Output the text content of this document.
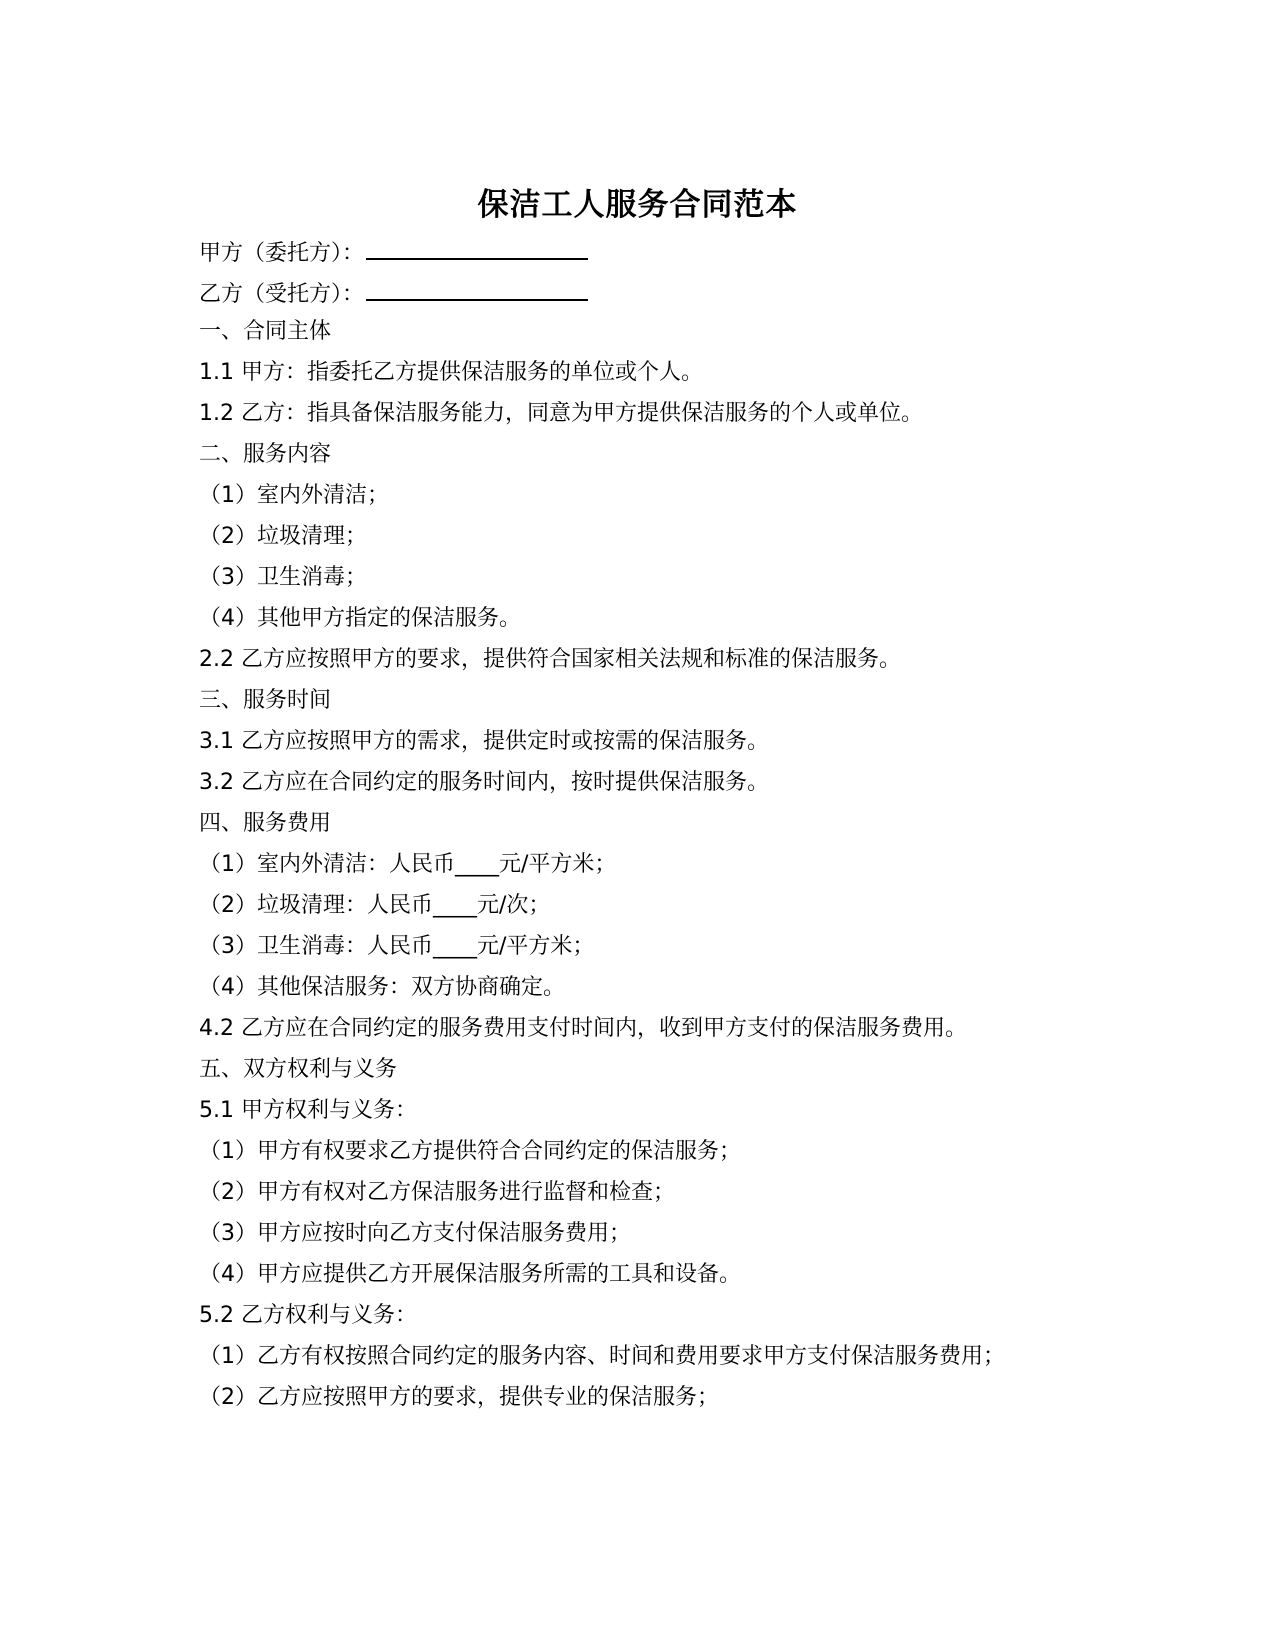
保洁工人服务合同范本
甲方（委托方）：
乙方（受托方）：
一、合同主体
1.1 甲方：指委托乙方提供保洁服务的单位或个人。
1.2 乙方：指具备保洁服务能力，同意为甲方提供保洁服务的个人或单位。
二、服务内容
（1）室内外清洁；
（2）垃圾清理；
（3）卫生消毒；
（4）其他甲方指定的保洁服务。
2.2 乙方应按照甲方的要求，提供符合国家相关法规和标准的保洁服务。
三、服务时间
3.1 乙方应按照甲方的需求，提供定时或按需的保洁服务。
3.2 乙方应在合同约定的服务时间内，按时提供保洁服务。
四、服务费用
（1）室内外清洁：人民币____元/平方米；
（2）垃圾清理：人民币____元/次；
（3）卫生消毒：人民币____元/平方米；
（4）其他保洁服务：双方协商确定。
4.2 乙方应在合同约定的服务费用支付时间内，收到甲方支付的保洁服务费用。
五、双方权利与义务
5.1 甲方权利与义务：
（1）甲方有权要求乙方提供符合合同约定的保洁服务；
（2）甲方有权对乙方保洁服务进行监督和检查；
（3）甲方应按时向乙方支付保洁服务费用；
（4）甲方应提供乙方开展保洁服务所需的工具和设备。
5.2 乙方权利与义务：
（1）乙方有权按照合同约定的服务内容、时间和费用要求甲方支付保洁服务费用；
（2）乙方应按照甲方的要求，提供专业的保洁服务；
